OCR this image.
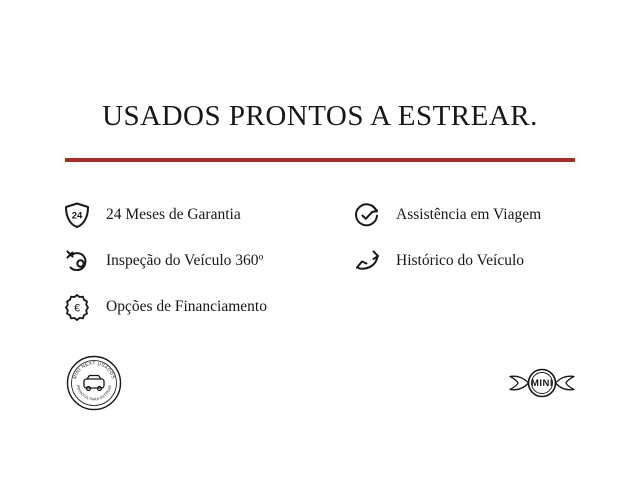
USADOS PRONTOS A ESTREAR.
24 24 Meses de Garantia	Assistência em Viagem
Inspeção do Veículo 360º	Histórico do Veículo
€ Opções de Financiamento
MINI NEXT USADOS
PRONTOS PARA ESTREAR	MINI
